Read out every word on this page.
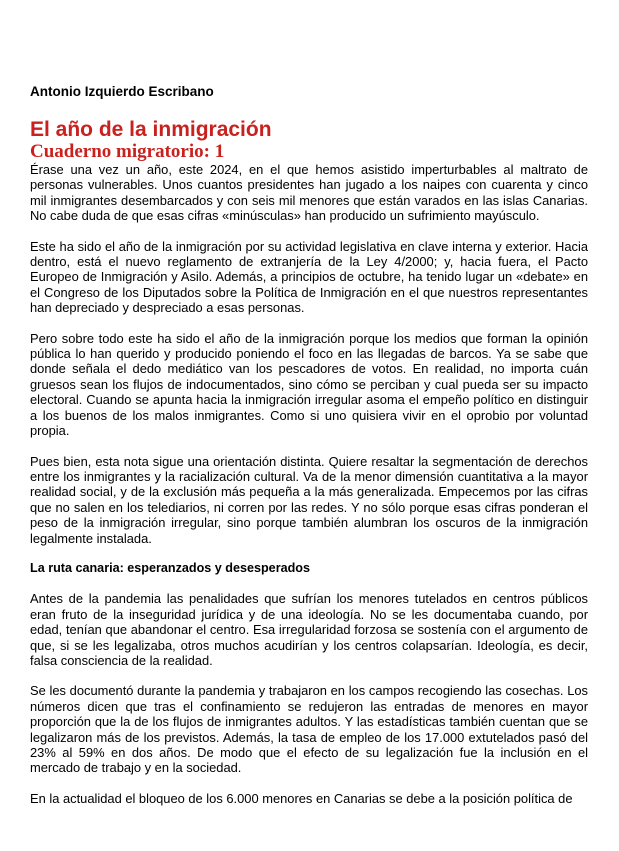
Antonio Izquierdo Escribano
El año de la inmigración
Cuaderno migratorio: 1

Érase una vez un año, este 2024, en el que hemos asistido imperturbables al maltrato de personas vulnerables. Unos cuantos presidentes han jugado a los naipes con cuarenta y cinco mil inmigrantes desembarcados y con seis mil menores que están varados en las islas Canarias. No cabe duda de que esas cifras «minúsculas» han producido un sufrimiento mayúsculo.

Este ha sido el año de la inmigración por su actividad legislativa en clave interna y exterior. Hacia dentro, está el nuevo reglamento de extranjería de la Ley 4/2000; y, hacia fuera, el Pacto Europeo de Inmigración y Asilo. Además, a principios de octubre, ha tenido lugar un «debate» en el Congreso de los Diputados sobre la Política de Inmigración en el que nuestros representantes han depreciado y despreciado a esas personas.

Pero sobre todo este ha sido el año de la inmigración porque los medios que forman la opinión pública lo han querido y producido poniendo el foco en las llegadas de barcos. Ya se sabe que donde señala el dedo mediático van los pescadores de votos. En realidad, no importa cuán gruesos sean los flujos de indocumentados, sino cómo se perciban y cual pueda ser su impacto electoral. Cuando se apunta hacia la inmigración irregular asoma el empeño político en distinguir a los buenos de los malos inmigrantes. Como si uno quisiera vivir en el oprobio por voluntad propia.

Pues bien, esta nota sigue una orientación distinta. Quiere resaltar la segmentación de derechos entre los inmigrantes y la racialización cultural. Va de la menor dimensión cuantitativa a la mayor realidad social, y de la exclusión más pequeña a la más generalizada. Empecemos por las cifras que no salen en los telediarios, ni corren por las redes. Y no sólo porque esas cifras ponderan el peso de la inmigración irregular, sino porque también alumbran los oscuros de la inmigración legalmente instalada.

La ruta canaria: esperanzados y desesperados

Antes de la pandemia las penalidades que sufrían los menores tutelados en centros públicos eran fruto de la inseguridad jurídica y de una ideología. No se les documentaba cuando, por edad, tenían que abandonar el centro. Esa irregularidad forzosa se sostenía con el argumento de que, si se les legalizaba, otros muchos acudirían y los centros colapsarían. Ideología, es decir, falsa consciencia de la realidad.

Se les documentó durante la pandemia y trabajaron en los campos recogiendo las cosechas. Los números dicen que tras el confinamiento se redujeron las entradas de menores en mayor proporción que la de los flujos de inmigrantes adultos. Y las estadísticas también cuentan que se legalizaron más de los previstos. Además, la tasa de empleo de los 17.000 extutelados pasó del 23% al 59% en dos años. De modo que el efecto de su legalización fue la inclusión en el mercado de trabajo y en la sociedad.

En la actualidad el bloqueo de los 6.000 menores en Canarias se debe a la posición política de
